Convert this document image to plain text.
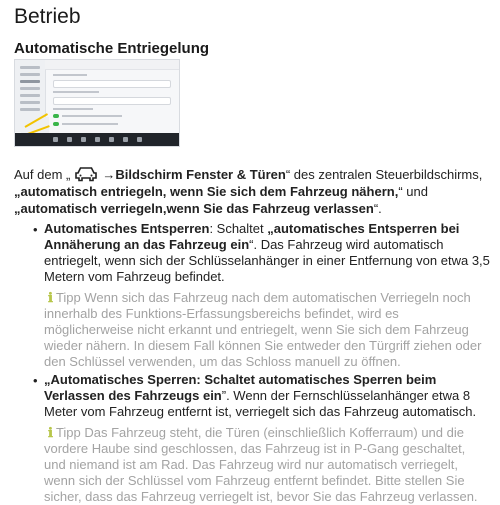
Betrieb
Automatische Entriegelung

Auf dem „ →Bildschirm Fenster & Türen“ des zentralen Steuerbildschirms, „automatisch entriegeln, wenn Sie sich dem Fahrzeug nähern,“ und „automatisch verriegeln,wenn Sie das Fahrzeug verlassen“.

• Automatisches Entsperren: Schaltet „automatisches Entsperren bei Annäherung an das Fahrzeug ein“. Das Fahrzeug wird automatisch entriegelt, wenn sich der Schlüsselanhänger in einer Entfernung von etwa 3,5 Metern vom Fahrzeug befindet.

ℹ Tipp Wenn sich das Fahrzeug nach dem automatischen Verriegeln noch innerhalb des Funktions-Erfassungsbereichs befindet, wird es möglicherweise nicht erkannt und entriegelt, wenn Sie sich dem Fahrzeug wieder nähern. In diesem Fall können Sie entweder den Türgriff ziehen oder den Schlüssel verwenden, um das Schloss manuell zu öffnen.

• „Automatisches Sperren: Schaltet automatisches Sperren beim Verlassen des Fahrzeugs ein”. Wenn der Fernschlüsselanhänger etwa 8 Meter vom Fahrzeug entfernt ist, verriegelt sich das Fahrzeug automatisch.

ℹ Tipp Das Fahrzeug steht, die Türen (einschließlich Kofferraum) und die vordere Haube sind geschlossen, das Fahrzeug ist in P-Gang geschaltet, und niemand ist am Rad. Das Fahrzeug wird nur automatisch verriegelt, wenn sich der Schlüssel vom Fahrzeug entfernt befindet. Bitte stellen Sie sicher, dass das Fahrzeug verriegelt ist, bevor Sie das Fahrzeug verlassen.
